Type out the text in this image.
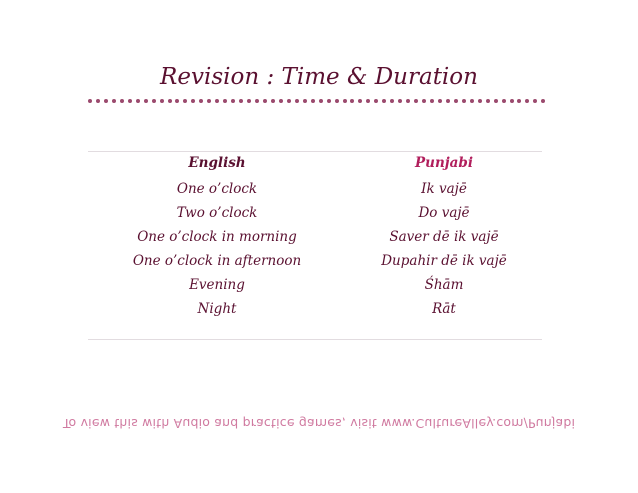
Revision : Time & Duration
English	Punjabi
One o’clock	Ik vajē
Two o’clock	Do vajē
One o’clock in morning	Saver dē ik vajē
One o’clock in afternoon	Dupahir dē ik vajē
Evening	Śhām
Night	Rāt
To view this with Audio and practice games, visit www.CultureAlley.com/Punjabi
